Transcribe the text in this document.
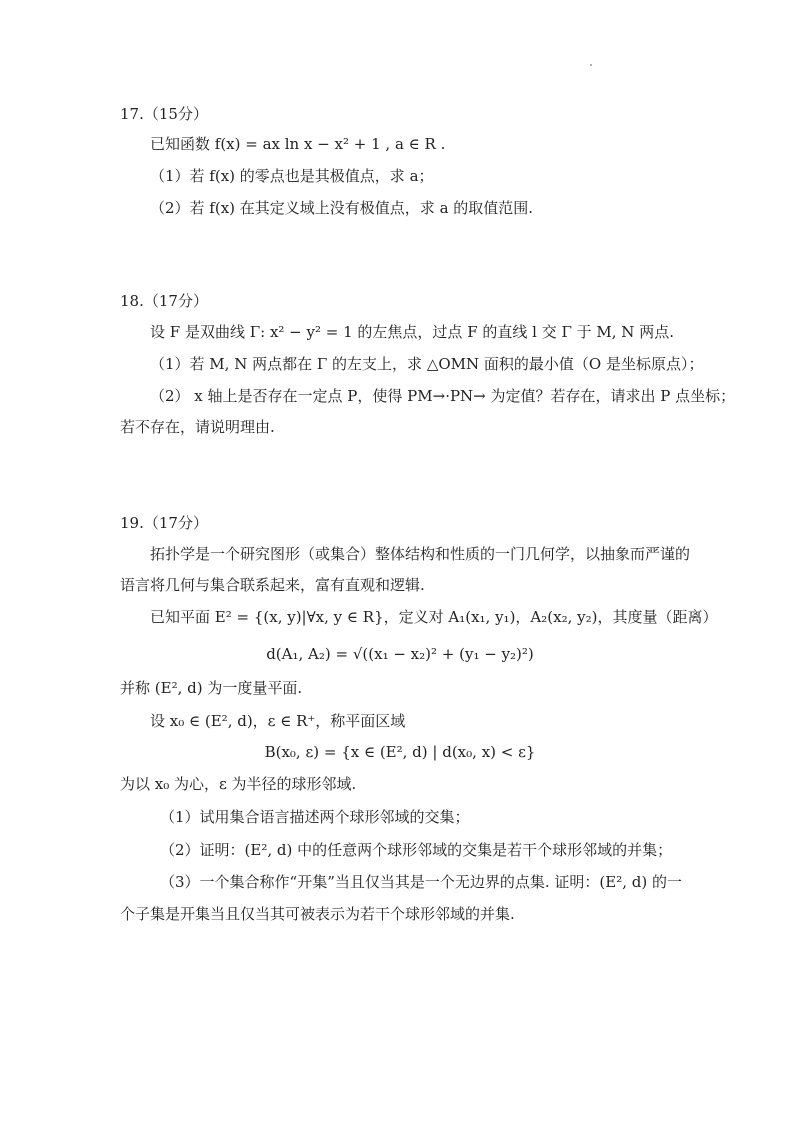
17.（15分）
已知函数 f(x) = ax ln x − x² + 1 , a ∈ R .
（1）若 f(x) 的零点也是其极值点，求 a；
（2）若 f(x) 在其定义域上没有极值点，求 a 的取值范围.
18.（17分）
设 F 是双曲线 Γ: x² − y² = 1 的左焦点，过点 F 的直线 l 交 Γ 于 M, N 两点.
（1）若 M, N 两点都在 Γ 的左支上，求 △OMN 面积的最小值（O 是坐标原点）；
（2） x 轴上是否存在一定点 P，使得 PM→·PN→ 为定值？若存在，请求出 P 点坐标；
若不存在，请说明理由.
19.（17分）
拓扑学是一个研究图形（或集合）整体结构和性质的一门几何学，以抽象而严谨的
语言将几何与集合联系起来，富有直观和逻辑.
已知平面 E² = {(x, y)|∀x, y ∈ R}，定义对 A₁(x₁, y₁)，A₂(x₂, y₂)，其度量（距离）
d(A₁, A₂) = √((x₁ − x₂)² + (y₁ − y₂)²)
并称 (E², d) 为一度量平面.
设 x₀ ∈ (E², d)，ε ∈ R⁺，称平面区域
B(x₀, ε) = {x ∈ (E², d) | d(x₀, x) < ε}
为以 x₀ 为心，ε 为半径的球形邻域.
（1）试用集合语言描述两个球形邻域的交集；
（2）证明：(E², d) 中的任意两个球形邻域的交集是若干个球形邻域的并集；
（3）一个集合称作“开集”当且仅当其是一个无边界的点集. 证明：(E², d) 的一
个子集是开集当且仅当其可被表示为若干个球形邻域的并集.
